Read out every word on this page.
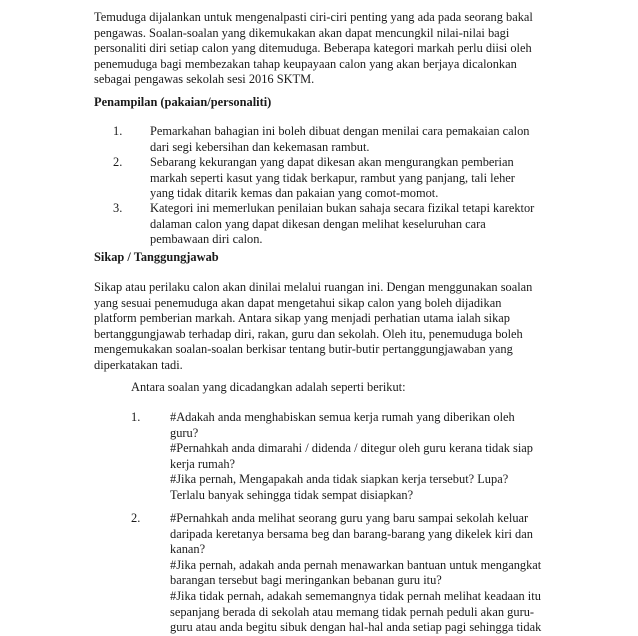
Temuduga dijalankan untuk mengenalpasti ciri-ciri penting yang ada pada seorang bakal
pengawas. Soalan-soalan yang dikemukakan akan dapat mencungkil nilai-nilai bagi
personaliti diri setiap calon yang ditemuduga. Beberapa kategori markah perlu diisi oleh
penemuduga bagi membezakan tahap keupayaan calon yang akan berjaya dicalonkan
sebagai pengawas sekolah sesi 2016 SKTM.
Penampilan (pakaian/personaliti)
1. Pemarkahan bahagian ini boleh dibuat dengan menilai cara pemakaian calon
dari segi kebersihan dan kekemasan rambut.
2. Sebarang kekurangan yang dapat dikesan akan mengurangkan pemberian
markah seperti kasut yang tidak berkapur, rambut yang panjang, tali leher
yang tidak ditarik kemas dan pakaian yang comot-momot.
3. Kategori ini memerlukan penilaian bukan sahaja secara fizikal tetapi karektor
dalaman calon yang dapat dikesan dengan melihat keseluruhan cara
pembawaan diri calon.
Sikap / Tanggungjawab
Sikap atau perilaku calon akan dinilai melalui ruangan ini. Dengan menggunakan soalan
yang sesuai penemuduga akan dapat mengetahui sikap calon yang boleh dijadikan
platform pemberian markah. Antara sikap yang menjadi perhatian utama ialah sikap
bertanggungjawab terhadap diri, rakan, guru dan sekolah. Oleh itu, penemuduga boleh
mengemukakan soalan-soalan berkisar tentang butir-butir pertanggungjawaban yang
diperkatakan tadi.
Antara soalan yang dicadangkan adalah seperti berikut:
1. #Adakah anda menghabiskan semua kerja rumah yang diberikan oleh
guru?
#Pernahkah anda dimarahi / didenda / ditegur oleh guru kerana tidak siap
kerja rumah?
#Jika pernah, Mengapakah anda tidak siapkan kerja tersebut? Lupa?
Terlalu banyak sehingga tidak sempat disiapkan?
2. #Pernahkah anda melihat seorang guru yang baru sampai sekolah keluar
daripada keretanya bersama beg dan barang-barang yang dikelek kiri dan
kanan?
#Jika pernah, adakah anda pernah menawarkan bantuan untuk mengangkat
barangan tersebut bagi meringankan bebanan guru itu?
#Jika tidak pernah, adakah sememangnya tidak pernah melihat keadaan itu
sepanjang berada di sekolah atau memang tidak pernah peduli akan guru-
guru atau anda begitu sibuk dengan hal-hal anda setiap pagi sehingga tidak
